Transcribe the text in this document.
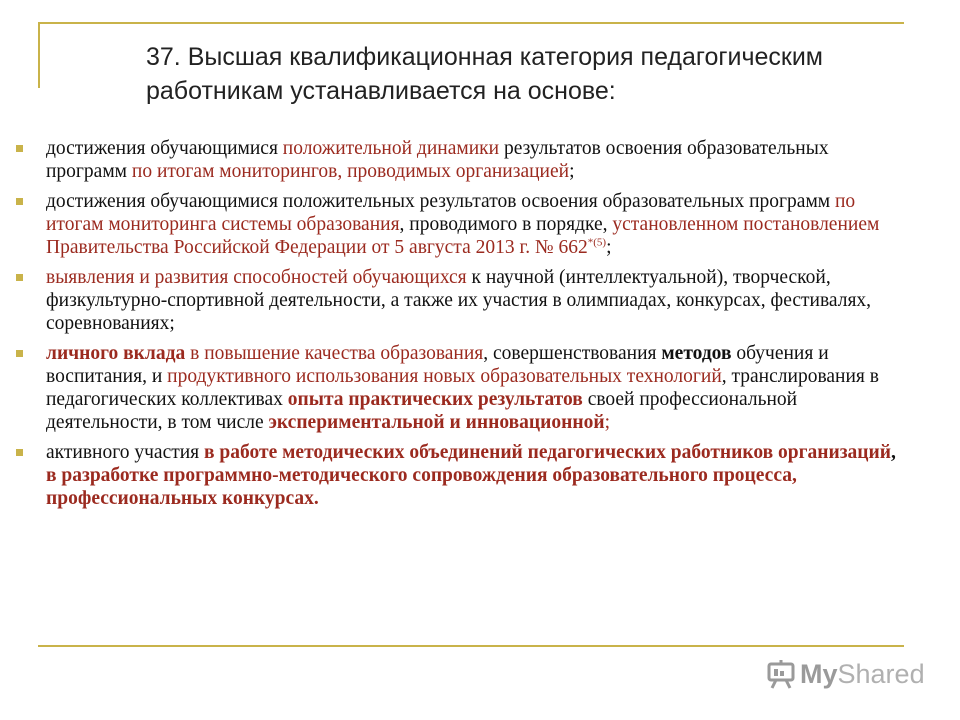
37. Высшая квалификационная категория педагогическим работникам устанавливается на основе:
достижения обучающимися положительной динамики результатов освоения образовательных программ по итогам мониторингов, проводимых организацией;
достижения обучающимися положительных результатов освоения образовательных программ по итогам мониторинга системы образования, проводимого в порядке, установленном постановлением Правительства Российской Федерации от 5 августа 2013 г. № 662$^{*(5)}$;
выявления и развития способностей обучающихся к научной (интеллектуальной), творческой, физкультурно-спортивной деятельности, а также их участия в олимпиадах, конкурсах, фестивалях, соревнованиях;
личного вклада в повышение качества образования, совершенствования методов обучения и воспитания, и продуктивного использования новых образовательных технологий, транслирования в педагогических коллективах опыта практических результатов своей профессиональной деятельности, в том числе экспериментальной и инновационной;
активного участия в работе методических объединений педагогических работников организаций, в разработке программно-методического сопровождения образовательного процесса, профессиональных конкурсах.
MyShared
